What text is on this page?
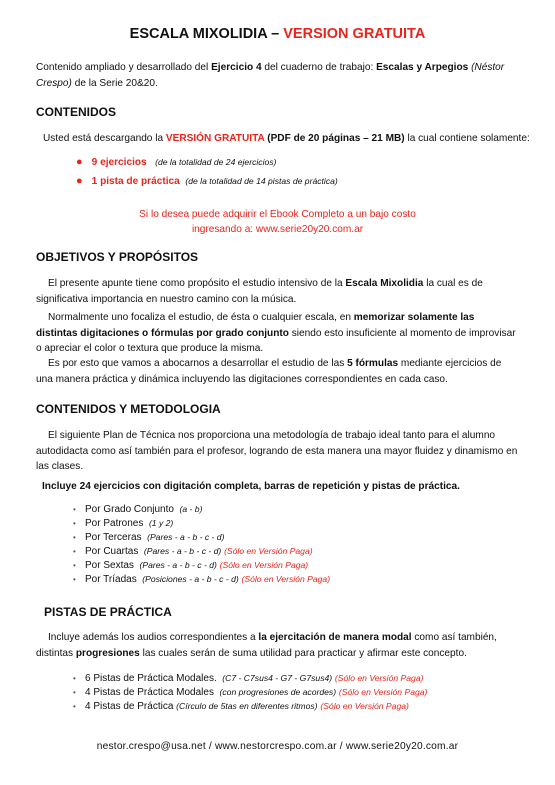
ESCALA MIXOLIDIA – VERSION GRATUITA
Contenido ampliado y desarrollado del Ejercicio 4 del cuaderno de trabajo: Escalas y Arpegios (Néstor Crespo) de la Serie 20&20.
CONTENIDOS
Usted está descargando la VERSIÓN GRATUITA (PDF de 20 páginas – 21 MB) la cual contiene solamente:
● 9 ejercicios (de la totalidad de 24 ejercicios)
● 1 pista de práctica (de la totalidad de 14 pistas de práctica)
Si lo desea puede adquirir el Ebook Completo a un bajo costo
ingresando a: www.serie20y20.com.ar
OBJETIVOS Y PROPÓSITOS
El presente apunte tiene como propósito el estudio intensivo de la Escala Mixolidia la cual es de significativa importancia en nuestro camino con la música.
Normalmente uno focaliza el estudio, de ésta o cualquier escala, en memorizar solamente las distintas digitaciones o fórmulas por grado conjunto siendo esto insuficiente al momento de improvisar o apreciar el color o textura que produce la misma.
Es por esto que vamos a abocarnos a desarrollar el estudio de las 5 fórmulas mediante ejercicios de una manera práctica y dinámica incluyendo las digitaciones correspondientes en cada caso.
CONTENIDOS Y METODOLOGIA
El siguiente Plan de Técnica nos proporciona una metodología de trabajo ideal tanto para el alumno autodidacta como así también para el profesor, logrando de esta manera una mayor fluidez y dinamismo en las clases.
Incluye 24 ejercicios con digitación completa, barras de repetición y pistas de práctica.
• Por Grado Conjunto (a - b)
• Por Patrones (1 y 2)
• Por Terceras (Pares - a - b - c - d)
• Por Cuartas (Pares - a - b - c - d) (Sólo en Versión Paga)
• Por Sextas (Pares - a - b - c - d) (Sólo en Versión Paga)
• Por Tríadas (Posiciones - a - b - c - d) (Sólo en Versión Paga)
PISTAS DE PRÁCTICA
Incluye además los audios correspondientes a la ejercitación de manera modal como así también, distintas progresiones las cuales serán de suma utilidad para practicar y afirmar este concepto.
• 6 Pistas de Práctica Modales. (C7 - C7sus4 - G7 - G7sus4) (Sólo en Versión Paga)
• 4 Pistas de Práctica Modales (con progresiones de acordes) (Sólo en Versión Paga)
• 4 Pistas de Práctica (Círculo de 5tas en diferentes ritmos) (Sólo en Versión Paga)
nestor.crespo@usa.net / www.nestorcrespo.com.ar / www.serie20y20.com.ar
